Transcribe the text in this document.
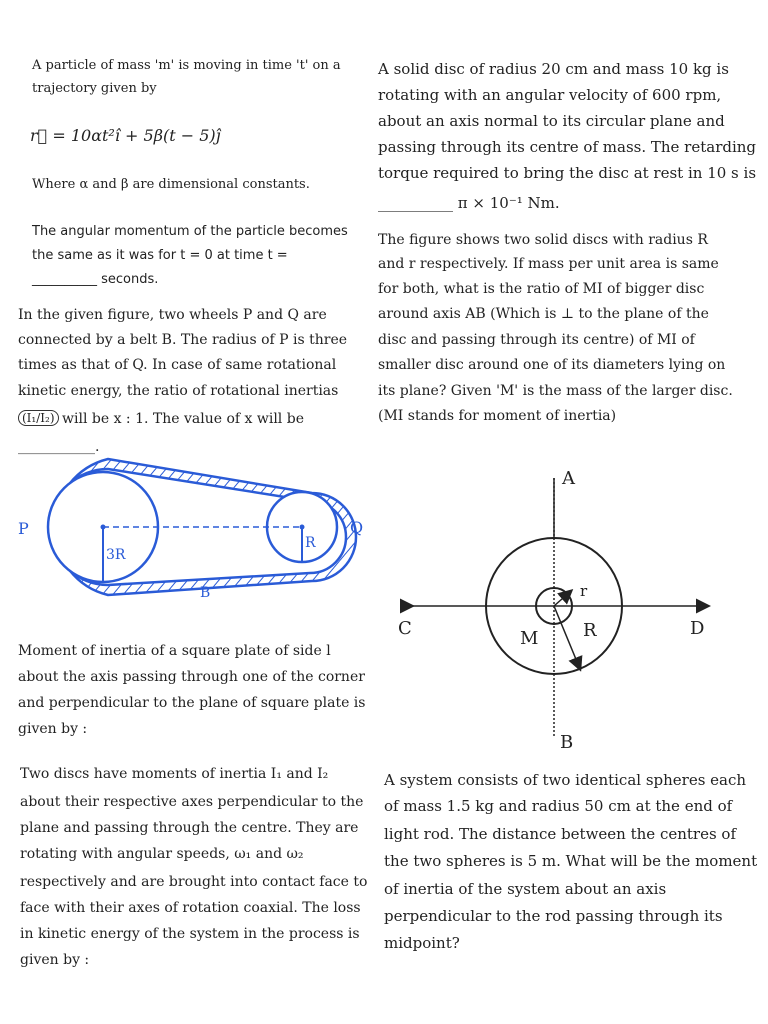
A particle of mass 'm' is moving in time 't' on a
trajectory given by
r⃗ = 10αt²î + 5β(t − 5)ĵ
Where α and β are dimensional constants.
The angular momentum of the particle becomes
the same as it was for t = 0 at time t =
__________ seconds.
A solid disc of radius 20 cm and mass 10 kg is
rotating with an angular velocity of 600 rpm,
about an axis normal to its circular plane and
passing through its centre of mass. The retarding
torque required to bring the disc at rest in 10 s is
__________ π × 10⁻¹ Nm.
In the given figure, two wheels P and Q are
connected by a belt B. The radius of P is three
times as that of Q. In case of same rotational
kinetic energy, the ratio of rotational inertias
(I₁/I₂) will be x : 1. The value of x will be
___________.
The figure shows two solid discs with radius R
and r respectively. If mass per unit area is same
for both, what is the ratio of MI of bigger disc
around axis AB (Which is ⊥ to the plane of the
disc and passing through its centre) of MI of
smaller disc around one of its diameters lying on
its plane? Given 'M' is the mass of the larger disc.
(MI stands for moment of inertia)
P
3R
R
Q
B
A
B
C	D
M R
r
Moment of inertia of a square plate of side l
about the axis passing through one of the corner
and perpendicular to the plane of square plate is
given by :
Two discs have moments of inertia I₁ and I₂
about their respective axes perpendicular to the
plane and passing through the centre. They are
rotating with angular speeds, ω₁ and ω₂
respectively and are brought into contact face to
face with their axes of rotation coaxial. The loss
in kinetic energy of the system in the process is
given by :
A system consists of two identical spheres each
of mass 1.5 kg and radius 50 cm at the end of
light rod. The distance between the centres of
the two spheres is 5 m. What will be the moment
of inertia of the system about an axis
perpendicular to the rod passing through its
midpoint?
